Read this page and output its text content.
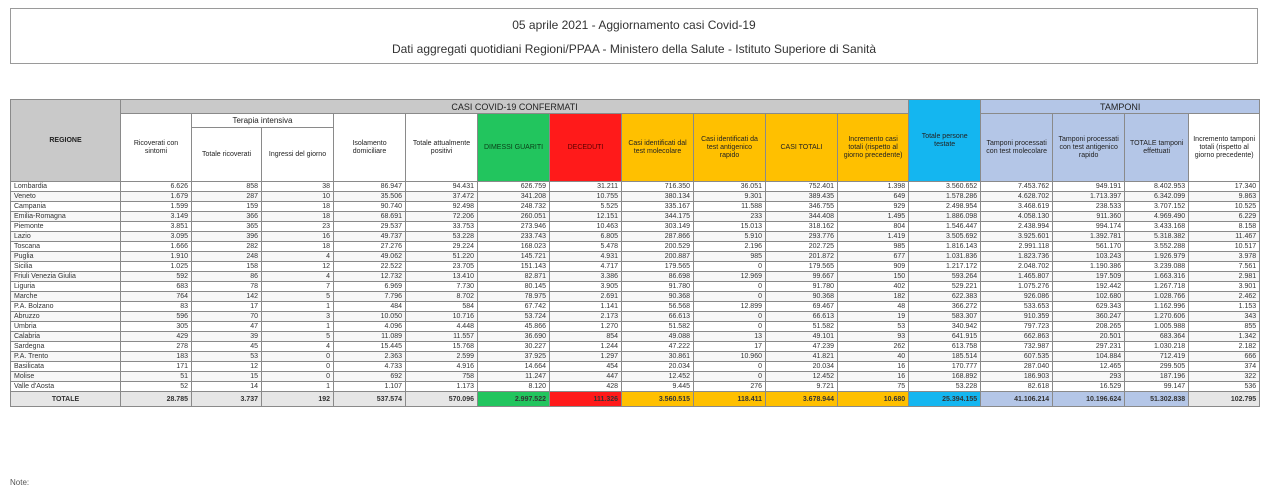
05 aprile 2021 - Aggiornamento casi Covid-19
Dati aggregati quotidiani Regioni/PPAA - Ministero della Salute - Istituto Superiore di Sanità
REGIONE	CASI COVID-19 CONFERMATI											Totale persone testate	TAMPONI			
	Ricoverati con sintomi	Terapia intensiva		Isolamento domiciliare	Totale attualmente positivi	DIMESSI GUARITI	DECEDUTI	Casi identificati dal test molecolare	Casi identificati da test antigenico rapido	CASI TOTALI	Incremento casi totali (rispetto al giorno precedente)		Tamponi processati con test molecolare	Tamponi processati con test antigenico rapido	TOTALE tamponi effettuati	Incremento tamponi totali (rispetto al giorno precedente)
		Totale ricoverati	Ingressi del giorno													
Lombardia	6.626	858	38	86.947	94.431	626.759	31.211	716.350	36.051	752.401	1.398	3.560.652	7.453.762	949.191	8.402.953	17.340
Veneto	1.679	287	10	35.506	37.472	341.208	10.755	380.134	9.301	389.435	649	1.578.286	4.628.702	1.713.397	6.342.099	9.863
Campania	1.599	159	18	90.740	92.498	248.732	5.525	335.167	11.588	346.755	929	2.498.954	3.468.619	238.533	3.707.152	10.525
Emilia-Romagna	3.149	366	18	68.691	72.206	260.051	12.151	344.175	233	344.408	1.495	1.886.098	4.058.130	911.360	4.969.490	6.229
Piemonte	3.851	365	23	29.537	33.753	273.946	10.463	303.149	15.013	318.162	804	1.546.447	2.438.994	994.174	3.433.168	8.158
Lazio	3.095	396	16	49.737	53.228	233.743	6.805	287.866	5.910	293.776	1.419	3.505.692	3.925.601	1.392.781	5.318.382	11.467
Toscana	1.666	282	18	27.276	29.224	168.023	5.478	200.529	2.196	202.725	985	1.816.143	2.991.118	561.170	3.552.288	10.517
Puglia	1.910	248	4	49.062	51.220	145.721	4.931	200.887	985	201.872	677	1.031.836	1.823.736	103.243	1.926.979	3.978
Sicilia	1.025	158	12	22.522	23.705	151.143	4.717	179.565	0	179.565	909	1.217.172	2.048.702	1.190.386	3.239.088	7.561
Friuli Venezia Giulia	592	86	4	12.732	13.410	82.871	3.386	86.698	12.969	99.667	150	593.264	1.465.807	197.509	1.663.316	2.981
Liguria	683	78	7	6.969	7.730	80.145	3.905	91.780	0	91.780	402	529.221	1.075.276	192.442	1.267.718	3.901
Marche	764	142	5	7.796	8.702	78.975	2.691	90.368	0	90.368	182	622.383	926.086	102.680	1.028.766	2.462
P.A. Bolzano	83	17	1	484	584	67.742	1.141	56.568	12.899	69.467	48	366.272	533.653	629.343	1.162.996	1.153
Abruzzo	596	70	3	10.050	10.716	53.724	2.173	66.613	0	66.613	19	583.307	910.359	360.247	1.270.606	343
Umbria	305	47	1	4.096	4.448	45.866	1.270	51.582	0	51.582	53	340.942	797.723	208.265	1.005.988	855
Calabria	429	39	5	11.089	11.557	36.690	854	49.088	13	49.101	93	641.915	662.863	20.501	683.364	1.342
Sardegna	278	45	4	15.445	15.768	30.227	1.244	47.222	17	47.239	262	613.758	732.987	297.231	1.030.218	2.182
P.A. Trento	183	53	0	2.363	2.599	37.925	1.297	30.861	10.960	41.821	40	185.514	607.535	104.884	712.419	666
Basilicata	171	12	0	4.733	4.916	14.664	454	20.034	0	20.034	16	170.777	287.040	12.465	299.505	374
Molise	51	15	0	692	758	11.247	447	12.452	0	12.452	16	168.892	186.903	293	187.196	322
Valle d'Aosta	52	14	1	1.107	1.173	8.120	428	9.445	276	9.721	75	53.228	82.618	16.529	99.147	536
TOTALE	28.785	3.737	192	537.574	570.096	2.997.522	111.326	3.560.515	118.411	3.678.944	10.680	25.394.155	41.106.214	10.196.624	51.302.838	102.795
Note:
